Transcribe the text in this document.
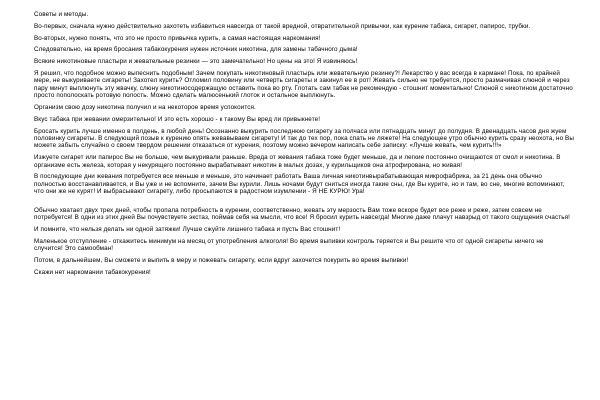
Советы и методы.

Во-первых, сначала нужно действительно захотеть избавиться навсегда от такой вредной, отвратительной привычки, как курение табака, сигарет, папирос, трубки.

Во-вторых, нужно понять, что это не просто привычка курить, а самая настоящая наркомания!

Следовательно, на время бросания табакокурения нужен источник никотина, для замены табачного дыма!

Всякие никотиновые пластыри и жевательные резинки — это замечательно! Но цены на это! Я извиняюсь!

Я решил, что подобное можно выпеснить подобным! Зачем покупать никотиновый пластырь или жевательную резинку?! Лекарство у вас всегда в кармане! Пока, по крайней мере, не выкуриваете сигареты! Захотел курить? Отломил половину или четверть сигареты и закинул ее в рот! Жевать сильно не требуется, просто размачивая слюной и через пару минут выплюнуть эту жвачку, слюну никотиносодержащую оставить пока во рту. Глотать сам табак не рекомендую - стошнит моментально! Слюной с никотином достаточно просто пополоскать ротовую полость. Можно сделать малюсенький глоток и остальное выплюнуть.

Организм свою дозу никотина получил и на некоторое время успокоится.

Вкус табака при жевании омерзительно! И это есть хорошо - к такому Вы вред ли привыкнете!

Бросать курить лучше именно в полдень, в любой день! Осознанно выкурить последнюю сигарету за полчаса или пятнадцать минут до полудня. В двенадцать часов дня жуем половинку сигареты. В следующий позыв к курению опять жевавываем сигарету! И так до тех пор, пока спать не ляжете! На следующее утро обычно курить сразу неохота, но Вы можете забыть случайно о своем твердом решении отказаться от курения, поэтому можно вечером написать себе записку: «Лучше жевать, чем курить!!!»

Изжуете сигарет или папирос Вы не больше, чем выкуривали раньше. Вреда от жевания табака тоже будет меньше, да и легкие постоянно очищаются от смол и никотина. В организме есть железа, которая у некурящего постоянно вырабатывает никотин в малых дозах, у курильщиков она атрофирована, но живая!

В последующие дни жевания потребуется все меньше и меньше, это начинает работать Ваша личная никотинвырабатывающая микрофабрика, за 21 день она обычно полностью восстанавливается, и Вы уже и не вспомните, зачем Вы курили. Лишь ночами будут сниться иногда такие сны, где Вы курите, но и там, во сне, многие вспоминают, что они же не курят! И выбрасывают сигарету, либо просыпаются в радостном изумлении - Я НЕ КУРЮ! Ура!

Обычно хватает двух трех дней, чтобы пропала потребность в курении, соответственно, жевать эту мерзость Вам тоже вскоре будет все реже и реже, затем совсем не потребуется! В одни из этих дней Вы почувствуете экстаз, поймав себя на мысли, что все! Я бросил курить навсегда! Многие даже плачут навзрыд от такого ощущения счастья!

И помните, что нельзя делать ни одной затяжки! Лучше сжуйте лишнего табака и пусть Вас стошнит!

Маленькое отступление - откажитесь минимум на месяц от употребления алкоголя! Во время выпивки контроль теряется и Вы решите что от одной сигареты ничего не случится! Это самообман!

Потом, в дальнейшем, Вы сможете и выпить в меру и пожевать сигарету, если вдруг захочется покурить во время выпивки!

Скажи нет наркомании табакокурения!
